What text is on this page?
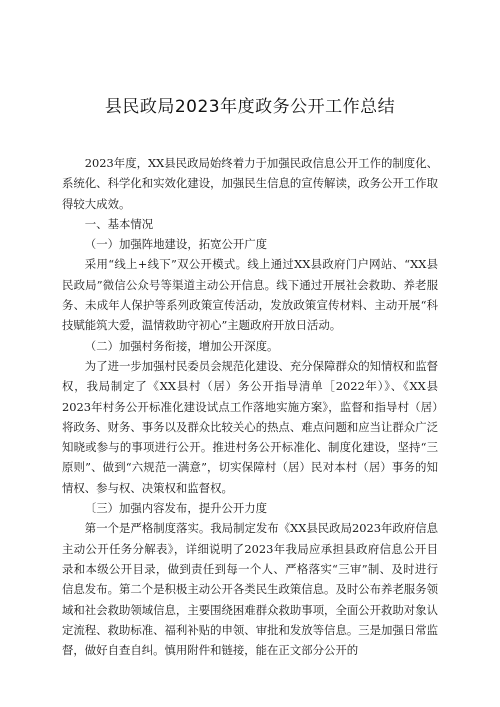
县民政局2023年度政务公开工作总结

2023年度，XX县民政局始终着力于加强民政信息公开工作的制度化、系统化、科学化和实效化建设，加强民生信息的宣传解读，政务公开工作取得较大成效。

一、基本情况

（一）加强阵地建设，拓宽公开广度

采用“线上+线下”双公开模式。线上通过XX县政府门户网站、“XX县民政局”微信公众号等渠道主动公开信息。线下通过开展社会救助、养老服务、未成年人保护等系列政策宣传活动，发放政策宣传材料、主动开展“科技赋能筑大爱，温情救助守初心”主题政府开放日活动。

（二）加强村务衔接，增加公开深度。

为了进一步加强村民委员会规范化建设、充分保障群众的知情权和监督权，我局制定了《XX县村（居）务公开指导清单［2022年）》、《XX县2023年村务公开标准化建设试点工作落地实施方案》，监督和指导村（居）将政务、财务、事务以及群众比较关心的热点、难点问题和应当让群众广泛知晓或参与的事项进行公开。推进村务公开标准化、制度化建设，坚持“三原则”、做到“六规范一满意”，切实保障村（居）民对本村（居）事务的知情权、参与权、决策权和监督权。

〔三）加强内容发布，提升公开力度

第一个是严格制度落实。我局制定发布《XX县民政局2023年政府信息主动公开任务分解表》，详细说明了2023年我局应承担县政府信息公开目录和本级公开目录，做到责任到每一个人、严格落实“三审”制、及时进行信息发布。第二个是积极主动公开各类民生政策信息。及时公布养老服务领域和社会救助领域信息，主要围绕困难群众救助事项，全面公开救助对象认定流程、救助标准、福利补贴的申领、审批和发放等信息。三是加强日常监督，做好自查自纠。慎用附件和链接，能在正文部分公开的
